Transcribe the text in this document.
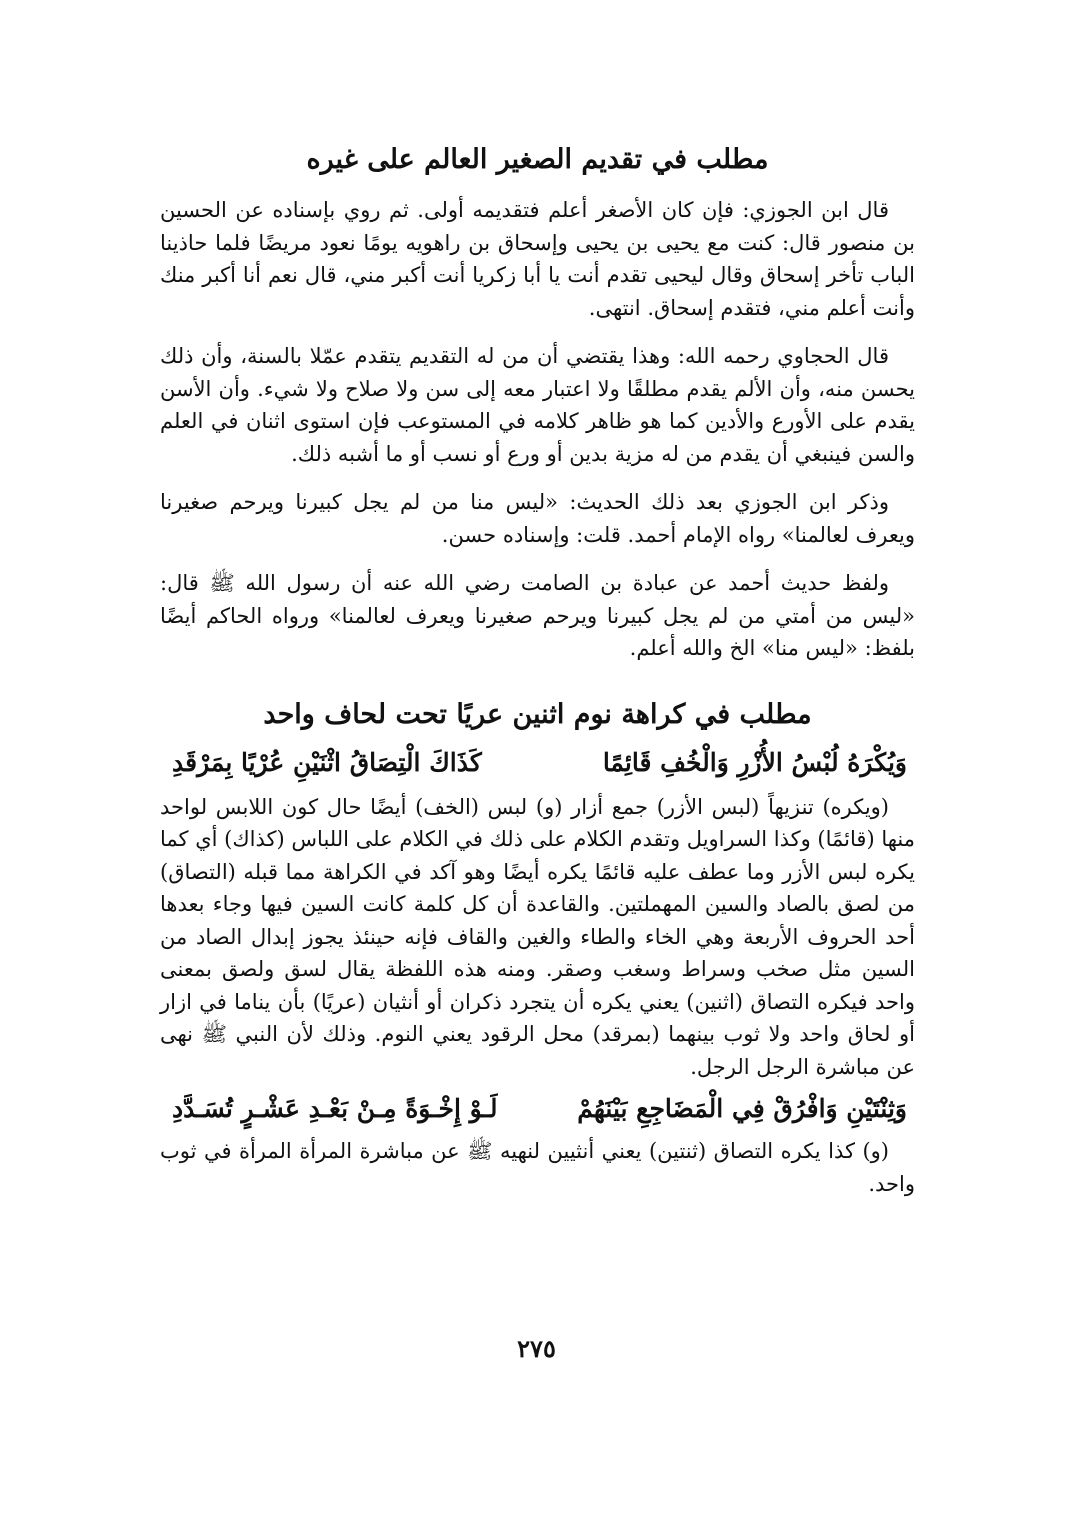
مطلب في تقديم الصغير العالم على غيره

قال ابن الجوزي: فإن كان الأصغر أعلم فتقديمه أولى. ثم روي بإسناده عن الحسين بن منصور قال: كنت مع يحيى بن يحيى وإسحاق بن راهويه يومًا نعود مريضًا فلما حاذينا الباب تأخر إسحاق وقال ليحيى تقدم أنت يا أبا زكريا أنت أكبر مني، قال نعم أنا أكبر منك وأنت أعلم مني، فتقدم إسحاق. انتهى.

قال الحجاوي رحمه الله: وهذا يقتضي أن من له التقديم يتقدم عمّلا بالسنة، وأن ذلك يحسن منه، وأن الألم يقدم مطلقًا ولا اعتبار معه إلى سن ولا صلاح ولا شيء. وأن الأسن يقدم على الأورع والأدين كما هو ظاهر كلامه في المستوعب فإن استوى اثنان في العلم والسن فينبغي أن يقدم من له مزية بدين أو ورع أو نسب أو ما أشبه ذلك.

وذكر ابن الجوزي بعد ذلك الحديث: «ليس منا من لم يجل كبيرنا ويرحم صغيرنا ويعرف لعالمنا» رواه الإمام أحمد. قلت: وإسناده حسن.

ولفظ حديث أحمد عن عبادة بن الصامت رضي الله عنه أن رسول الله ﷺ قال: «ليس من أمتي من لم يجل كبيرنا ويرحم صغيرنا ويعرف لعالمنا» ورواه الحاكم أيضًا بلفظ: «ليس منا» الخ والله أعلم.

مطلب في كراهة نوم اثنين عريًا تحت لحاف واحد
وَيُكْرَهُ لُبْسُ الأُزْرِ وَالْخُفِ قَائِمًا
كَذَاكَ الْتِصَاقُ اثْنَيْنِ عُرْيًا بِمَرْقَدِ

(ويكره) تنزيهاً (لبس الأزر) جمع أزار (و) لبس (الخف) أيضًا حال كون اللابس لواحد منها (قائمًا) وكذا السراويل وتقدم الكلام على ذلك في الكلام على اللباس (كذاك) أي كما يكره لبس الأزر وما عطف عليه قائمًا يكره أيضًا وهو آكد في الكراهة مما قبله (التصاق) من لصق بالصاد والسين المهملتين. والقاعدة أن كل كلمة كانت السين فيها وجاء بعدها أحد الحروف الأربعة وهي الخاء والطاء والغين والقاف فإنه حينئذ يجوز إبدال الصاد من السين مثل صخب وسراط وسغب وصقر. ومنه هذه اللفظة يقال لسق ولصق بمعنى واحد فيكره التصاق (اثنين) يعني يكره أن يتجرد ذكران أو أنثيان (عريًا) بأن يناما في ازار أو لحاق واحد ولا ثوب بينهما (بمرقد) محل الرقود يعني النوم. وذلك لأن النبي ﷺ نهى عن مباشرة الرجل الرجل.

وَثِنْتَيْنِ وَافْرُقْ فِي الْمَضَاجِعِ بَيْنَهُمْ
لَـوْ إِخْـوَةً مِـنْ بَعْـدِ عَشْـرٍ تُسَـدَّدِ

(و) كذا يكره التصاق (ثنتين) يعني أنثيين لنهيه ﷺ عن مباشرة المرأة المرأة في ثوب واحد.

٢٧٥
